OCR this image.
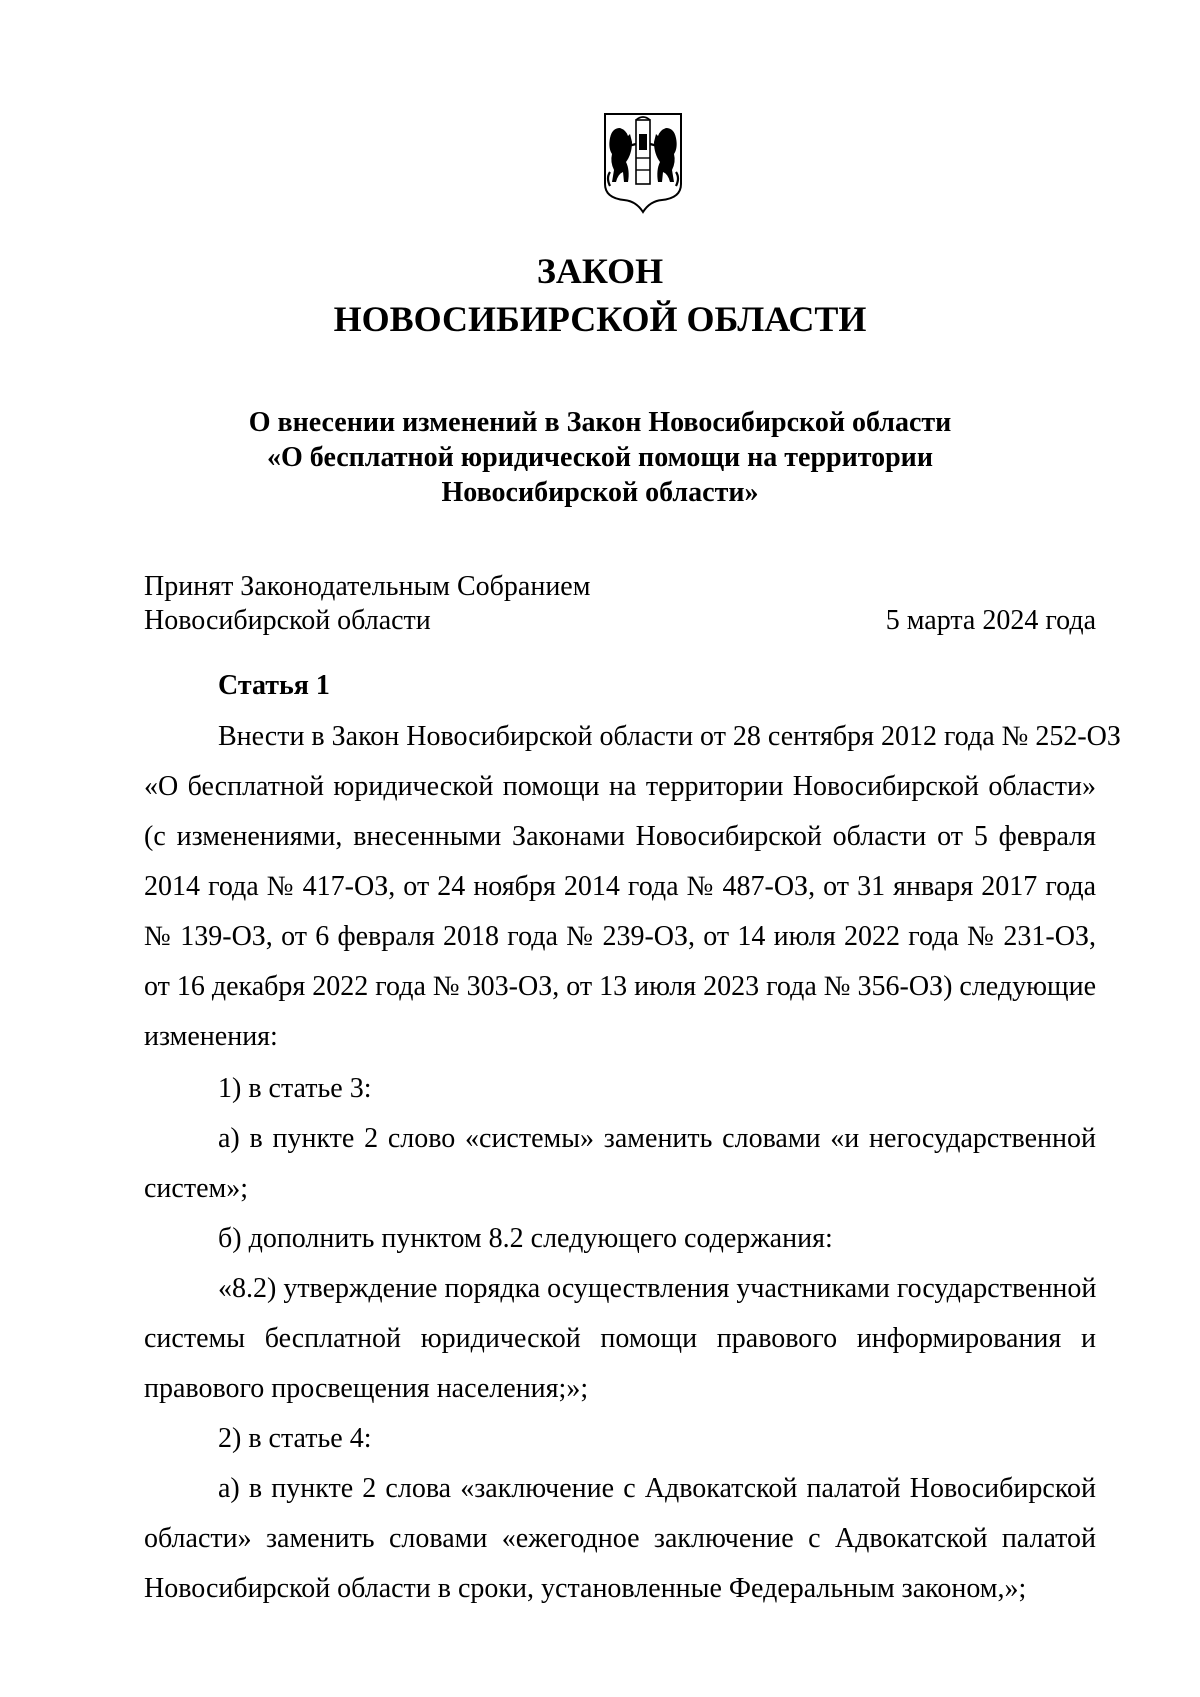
ЗАКОН
НОВОСИБИРСКОЙ ОБЛАСТИ

О внесении изменений в Закон Новосибирской области

«О бесплатной юридической помощи на территории

Новосибирской области»

Принят Законодательным Собранием

Новосибирской области	5 марта 2024 года

Статья 1

Внести в Закон Новосибирской области от 28 сентября 2012 года № 252-ОЗ
«О бесплатной юридической помощи на территории Новосибирской области»
(с изменениями, внесенными Законами Новосибирской области от 5 февраля
2014 года № 417-ОЗ, от 24 ноября 2014 года № 487-ОЗ, от 31 января 2017 года
№ 139-ОЗ, от 6 февраля 2018 года № 239-ОЗ, от 14 июля 2022 года № 231-ОЗ,
от 16 декабря 2022 года № 303-ОЗ, от 13 июля 2023 года № 356-ОЗ) следующие
изменения:
1) в статье 3:
а) в пункте 2 слово «системы» заменить словами «и негосударственной
систем»;
б) дополнить пунктом 8.2 следующего содержания:
«8.2) утверждение порядка осуществления участниками государственной
системы бесплатной юридической помощи правового информирования и
правового просвещения населения;»;
2) в статье 4:
а) в пункте 2 слова «заключение с Адвокатской палатой Новосибирской
области» заменить словами «ежегодное заключение с Адвокатской палатой
Новосибирской области в сроки, установленные Федеральным законом,»;
